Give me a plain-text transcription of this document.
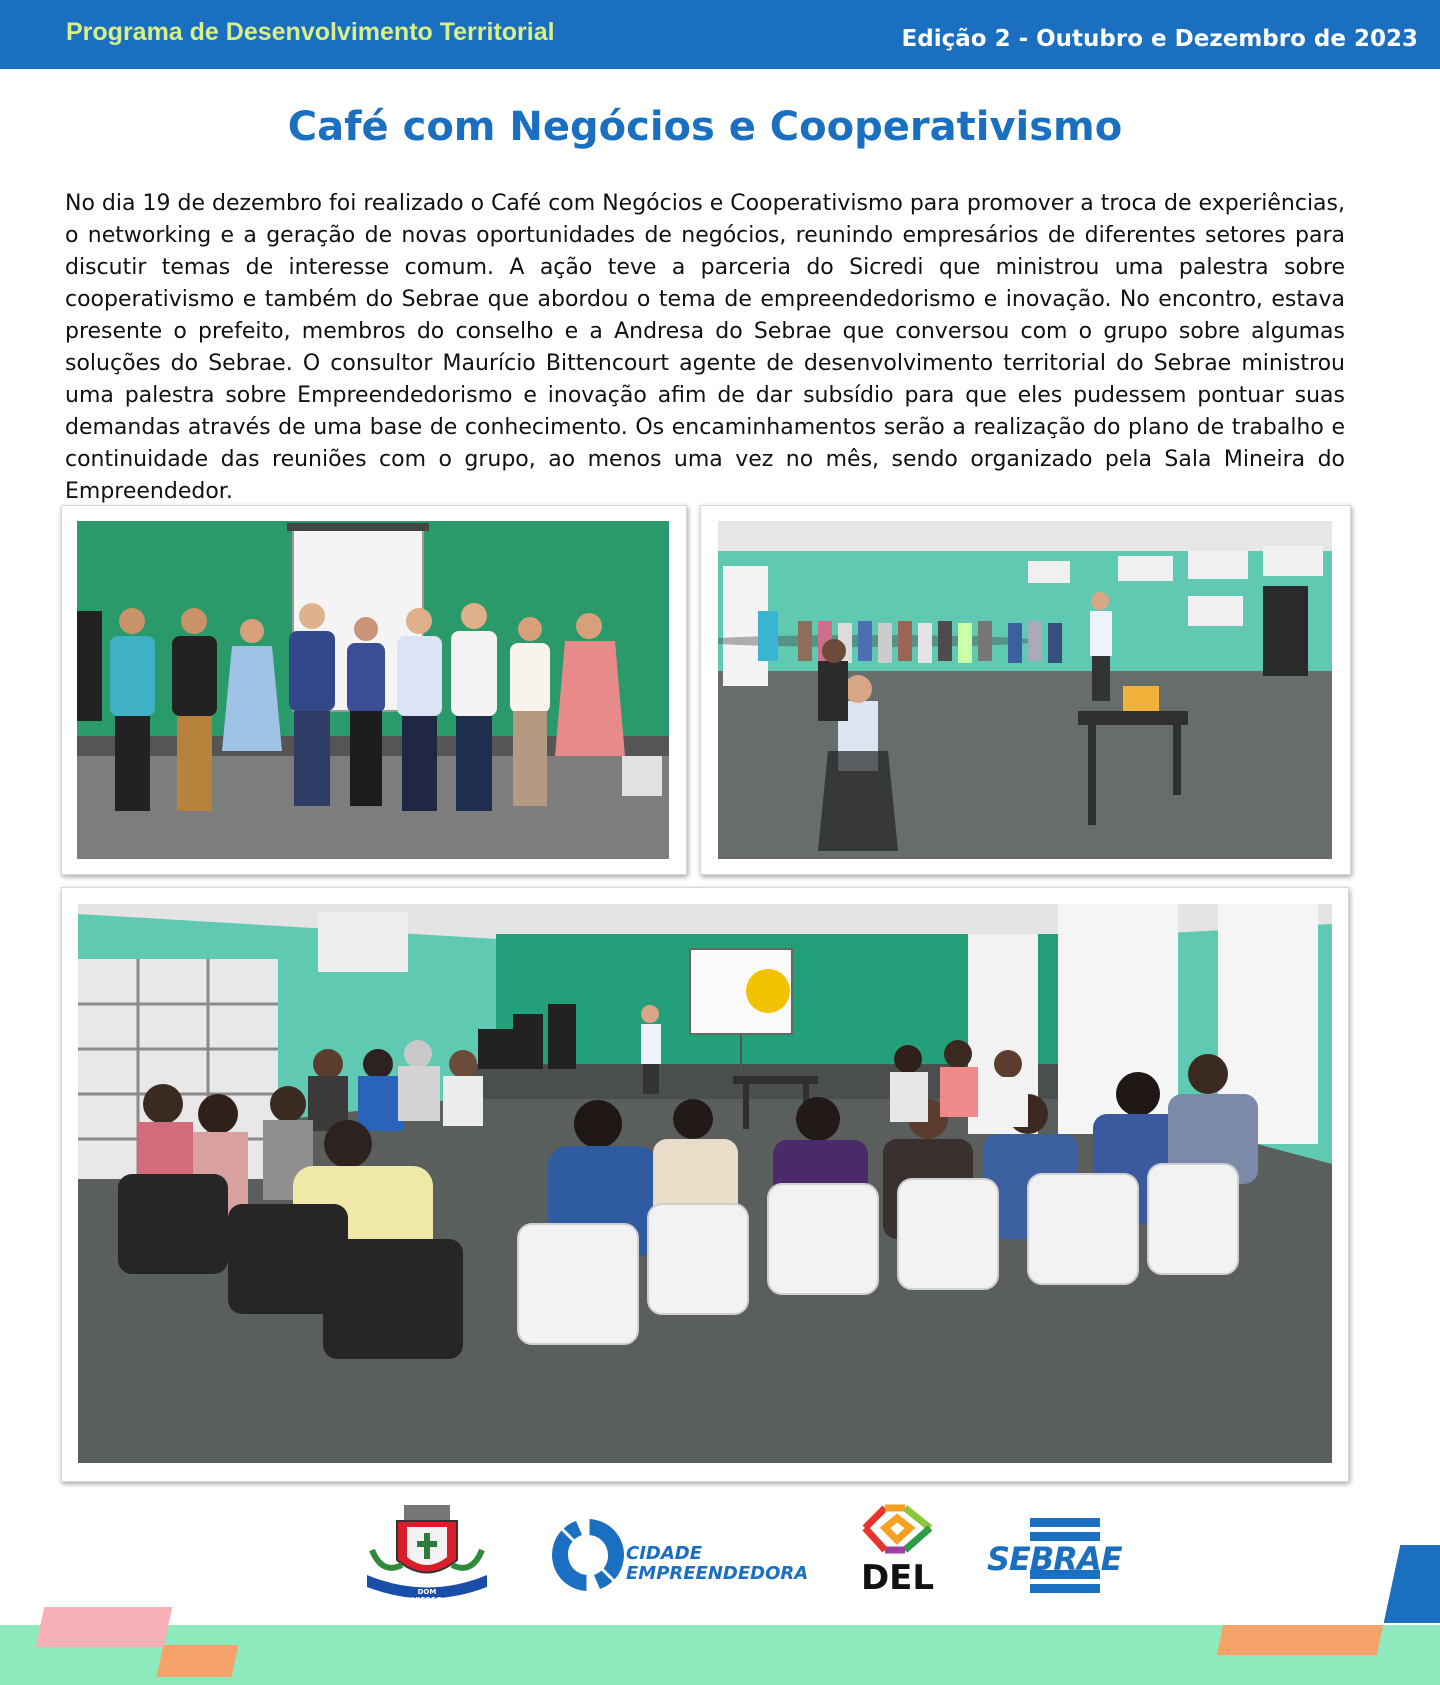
Programa de Desenvolvimento Territorial	Edição 2 - Outubro e Dezembro de 2023
Café com Negócios e Cooperativismo
No dia 19 de dezembro foi realizado o Café com Negócios e Cooperativismo para promover a troca de experiências, o networking e a geração de novas oportunidades de negócios, reunindo empresários de diferentes setores para discutir temas de interesse comum. A ação teve a parceria do Sicredi que ministrou uma palestra sobre cooperativismo e também do Sebrae que abordou o tema de empreendedorismo e inovação. No encontro, estava presente o prefeito, membros do conselho e a Andresa do Sebrae que conversou com o grupo sobre algumas soluções do Sebrae. O consultor Maurício Bittencourt agente de desenvolvimento territorial do Sebrae ministrou uma palestra sobre Empreendedorismo e inovação afim de dar subsídio para que eles pudessem pontuar suas demandas através de uma base de conhecimento. Os encaminhamentos serão a realização do plano de trabalho e continuidade das reuniões com o grupo, ao menos uma vez no mês, sendo organizado pela Sala Mineira do Empreendedor.
DOM VIÇOSO
CIDADE
EMPREENDEDORA DEL SEBRAE
